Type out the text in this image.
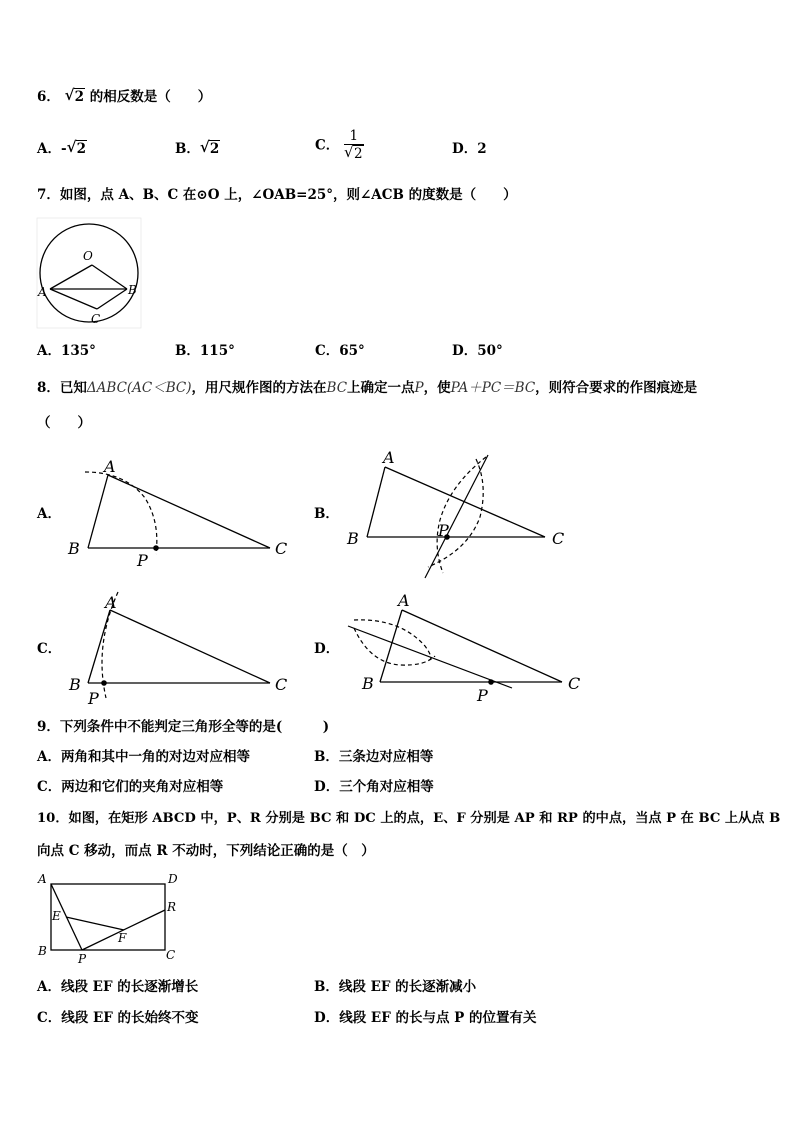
6． √ 2 的相反数是（　　）
A．- √ 2	B． √ 2	C． $\frac{1}{√ 2}$	D．2
7．如图，点 A、B、C 在⊙O 上，∠OAB=25°，则∠ACB 的度数是（　　）
O
A	B
C
A．135°	B．115°	C．65°	D．50°
8．已知ΔABC(AC＜BC)，用尺规作图的方法在BC上确定一点P，使PA＋PC＝BC，则符合要求的作图痕迹是
（　　）
A．
A
B	C
P
B．
A
B	C
P
C．
A
B	C
P
D．
A
B	C
P
9．下列条件中不能判定三角形全等的是(　　　)
A．两角和其中一角的对边对应相等	B．三条边对应相等
C．两边和它们的夹角对应相等	D．三个角对应相等
10．如图，在矩形 ABCD 中，P、R 分别是 BC 和 DC 上的点，E、F 分别是 AP 和 RP 的中点，当点 P 在 BC 上从点 B
向点 C 移动，而点 R 不动时，下列结论正确的是（　）
A	D
B	C
E
R
F
P
A．线段 EF 的长逐渐增长	B．线段 EF 的长逐渐减小
C．线段 EF 的长始终不变	D．线段 EF 的长与点 P 的位置有关
